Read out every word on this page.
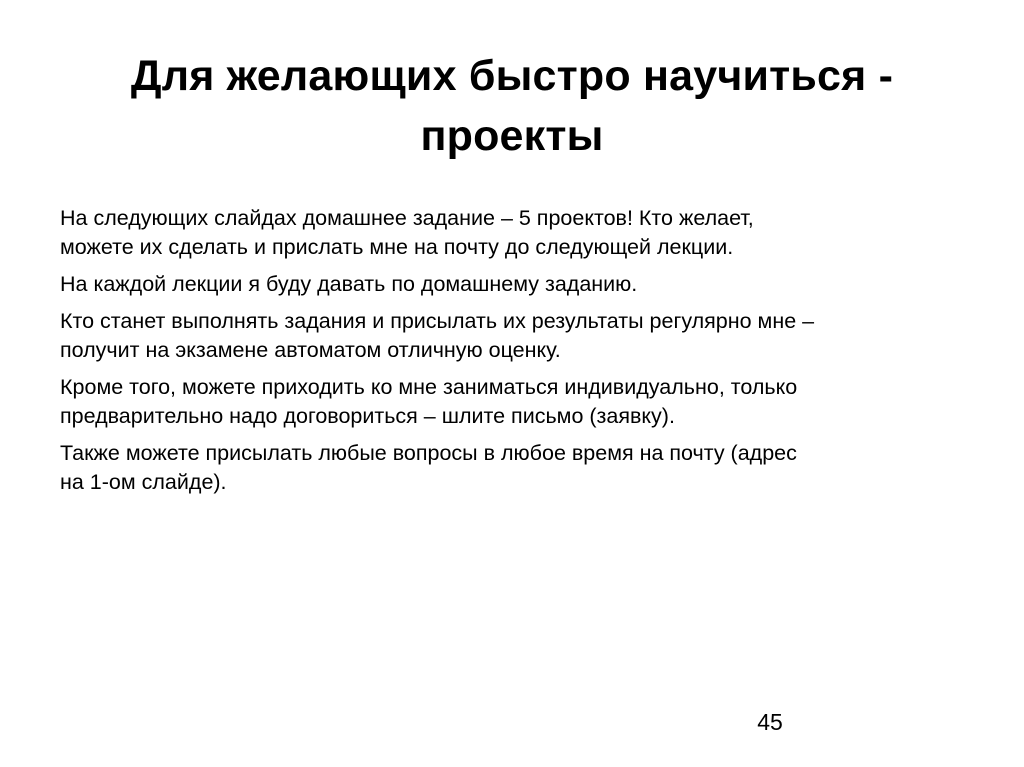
Для желающих быстро научиться -
проекты

На следующих слайдах домашнее задание – 5 проектов! Кто желает,
можете их сделать и прислать мне на почту до следующей лекции.

На каждой лекции я буду давать по домашнему заданию.

Кто станет выполнять задания и присылать их результаты регулярно мне –
получит на экзамене автоматом отличную оценку.

Кроме того, можете приходить ко мне заниматься индивидуально, только
предварительно надо договориться – шлите письмо (заявку).

Также можете присылать любые вопросы в любое время на почту (адрес
на 1-ом слайде).

45
